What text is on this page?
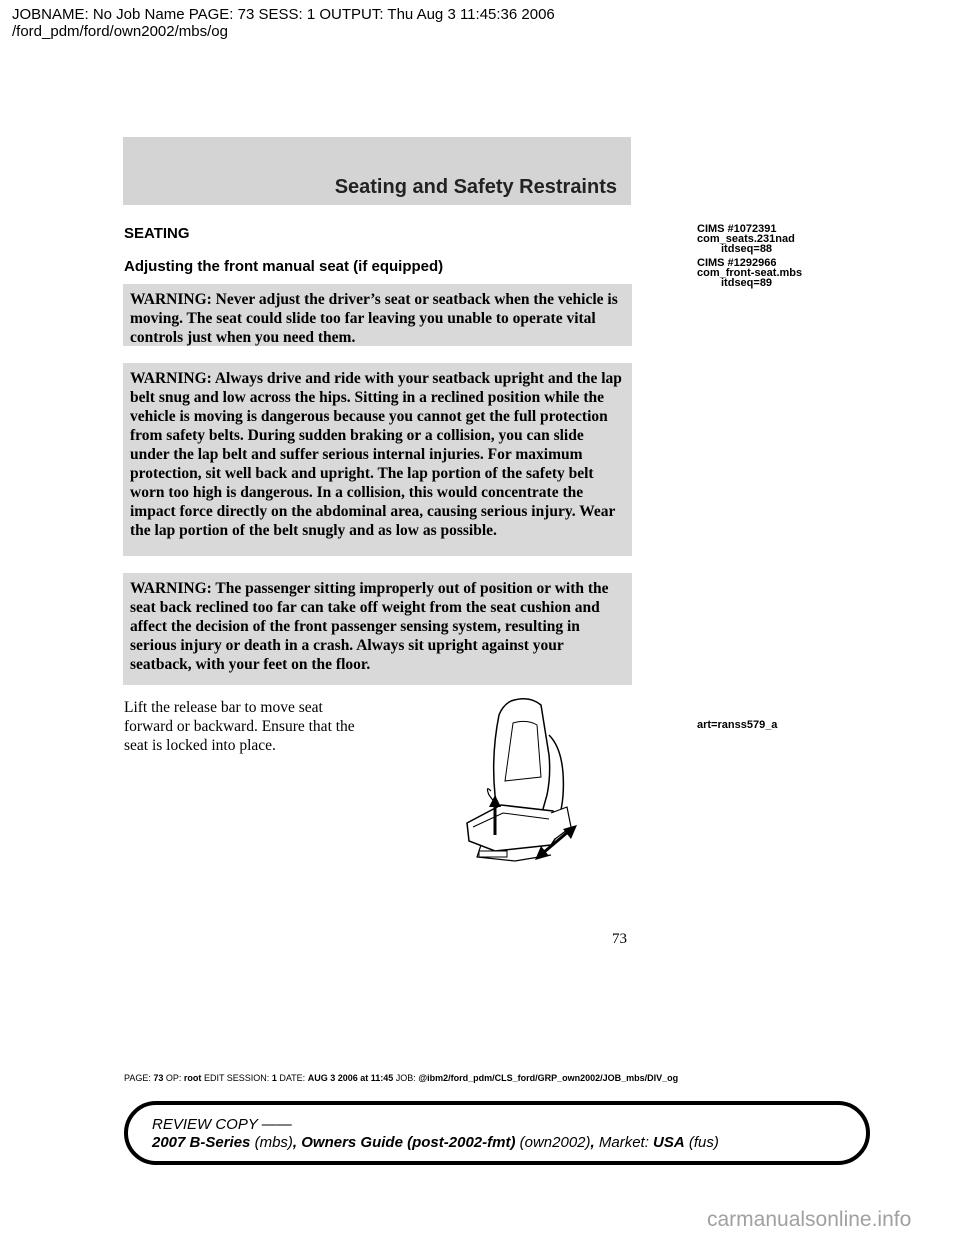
JOBNAME: No Job Name PAGE: 73 SESS: 1 OUTPUT: Thu Aug 3 11:45:36 2006
/ford_pdm/ford/own2002/mbs/og
Seating and Safety Restraints
SEATING
Adjusting the front manual seat (if equipped)
CIMS #1072391
com_seats.231nad
itdseq=88
CIMS #1292966
com_front-seat.mbs
itdseq=89
WARNING: Never adjust the driver’s seat or seatback when the vehicle is moving. The seat could slide too far leaving you unable to operate vital controls just when you need them.
WARNING: Always drive and ride with your seatback upright and the lap belt snug and low across the hips. Sitting in a reclined position while the vehicle is moving is dangerous because you cannot get the full protection from safety belts. During sudden braking or a collision, you can slide under the lap belt and suffer serious internal injuries. For maximum protection, sit well back and upright. The lap portion of the safety belt worn too high is dangerous. In a collision, this would concentrate the impact force directly on the abdominal area, causing serious injury. Wear the lap portion of the belt snugly and as low as possible.
WARNING: The passenger sitting improperly out of position or with the seat back reclined too far can take off weight from the seat cushion and affect the decision of the front passenger sensing system, resulting in serious injury or death in a crash. Always sit upright against your seatback, with your feet on the floor.
Lift the release bar to move seat forward or backward. Ensure that the seat is locked into place.
art=ranss579_a
73
PAGE: 73 OP: root EDIT SESSION: 1 DATE: AUG 3 2006 at 11:45 JOB: @ibm2/ford_pdm/CLS_ford/GRP_own2002/JOB_mbs/DIV_og
REVIEW COPY ——
2007 B-Series (mbs), Owners Guide (post-2002-fmt) (own2002), Market: USA (fus)
carmanualsonline.info
